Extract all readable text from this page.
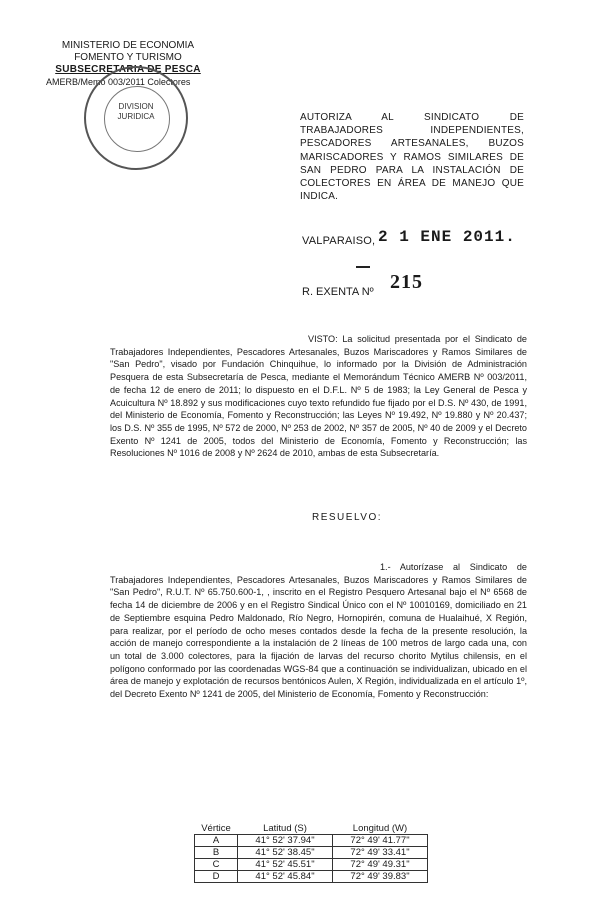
MINISTERIO DE ECONOMIA
FOMENTO Y TURISMO
SUBSECRETARIA DE PESCA
AMERB/Memo 003/2011 Colectores
DIVISION
JURIDICA	AUTORIZA AL SINDICATO DE TRABAJADORES INDEPENDIENTES, PESCADORES ARTESANALES, BUZOS MARISCADORES Y RAMOS SIMILARES DE SAN PEDRO PARA LA INSTALACIÓN DE COLECTORES EN ÁREA DE MANEJO QUE INDICA.
VALPARAISO, 2 1 ENE 2011.
R. EXENTA Nº 215
VISTO: La solicitud presentada por el Sindicato de Trabajadores Independientes, Pescadores Artesanales, Buzos Mariscadores y Ramos Similares de "San Pedro", visado por Fundación Chinquihue, lo informado por la División de Administración Pesquera de esta Subsecretaría de Pesca, mediante el Memorándum Técnico AMERB Nº 003/2011, de fecha 12 de enero de 2011; lo dispuesto en el D.F.L. Nº 5 de 1983; la Ley General de Pesca y Acuicultura Nº 18.892 y sus modificaciones cuyo texto refundido fue fijado por el D.S. Nº 430, de 1991, del Ministerio de Economía, Fomento y Reconstrucción; las Leyes Nº 19.492, Nº 19.880 y Nº 20.437; los D.S. Nº 355 de 1995, Nº 572 de 2000, Nº 253 de 2002, Nº 357 de 2005, Nº 40 de 2009 y el Decreto Exento Nº 1241 de 2005, todos del Ministerio de Economía, Fomento y Reconstrucción; las Resoluciones Nº 1016 de 2008 y Nº 2624 de 2010, ambas de esta Subsecretaría.
RESUELVO:
1.- Autorízase al Sindicato de Trabajadores Independientes, Pescadores Artesanales, Buzos Mariscadores y Ramos Similares de "San Pedro", R.U.T. Nº 65.750.600-1, , inscrito en el Registro Pesquero Artesanal bajo el Nº 6568 de fecha 14 de diciembre de 2006 y en el Registro Sindical Único con el Nº 10010169, domiciliado en 21 de Septiembre esquina Pedro Maldonado, Río Negro, Hornopirén, comuna de Hualaihué, X Región, para realizar, por el período de ocho meses contados desde la fecha de la presente resolución, la acción de manejo correspondiente a la instalación de 2 líneas de 100 metros de largo cada una, con un total de 3.000 colectores, para la fijación de larvas del recurso chorito Mytilus chilensis, en el polígono conformado por las coordenadas WGS-84 que a continuación se individualizan, ubicado en el área de manejo y explotación de recursos bentónicos Aulen, X Región, individualizada en el artículo 1º, del Decreto Exento Nº 1241 de 2005, del Ministerio de Economía, Fomento y Reconstrucción:
Vértice	Latitud (S)	Longitud (W)
A	41° 52' 37.94"	72° 49' 41.77"
B	41° 52' 38.45"	72° 49' 33.41"
C	41° 52' 45.51"	72° 49' 49.31"
D	41° 52' 45.84"	72° 49' 39.83"
